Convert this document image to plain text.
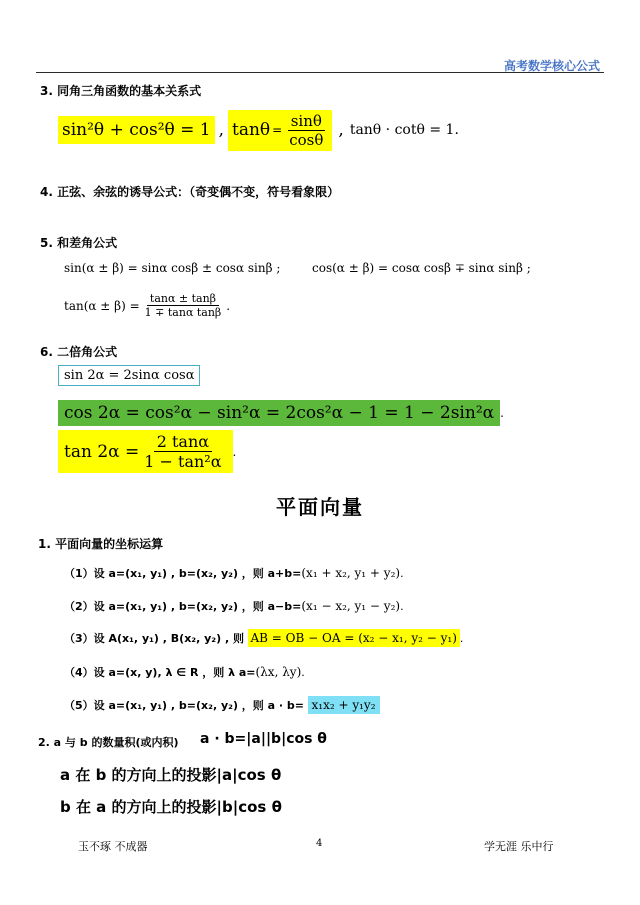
高考数学核心公式
3. 同角三角函数的基本关系式
sin²θ + cos²θ = 1 , $\tan\theta = \frac{\sin\theta}{\cos\theta}$ , tanθ · cotθ = 1.
4. 正弦、余弦的诱导公式：（奇变偶不变，符号看象限）
5. 和差角公式
sin(α ± β) = sinα cosβ ± cosα sinβ ;	cos(α ± β) = cosα cosβ ∓ sinα sinβ ;
$\tan(\alpha \pm \beta) = \frac{\tan\alpha \pm \tan\beta}{\text{1 ∓ tanα tanβ}}$ .
6. 二倍角公式
sin 2α = 2sinα cosα
cos 2α = cos²α − sin²α = 2cos²α − 1 = 1 − 2sin²α .
$\tan 2\alpha = \frac{2 \tan\alpha}{\text{1 − tan²α}}$ .
平面向量
1. 平面向量的坐标运算
（1）设 a=(x₁, y₁) , b=(x₂, y₂) ，则 a+b=(x₁ + x₂, y₁ + y₂).
（2）设 a=(x₁, y₁) , b=(x₂, y₂) ，则 a−b=(x₁ − x₂, y₁ − y₂).
（3）设 A(x₁, y₁) , B(x₂, y₂) , 则 AB = OB − OA = (x₂ − x₁, y₂ − y₁) .
（4）设 a=(x, y), λ ∈ R ，则 λ a=(λx, λy).
（5）设 a=(x₁, y₁) , b=(x₂, y₂) ，则 a · b= x₁x₂ + y₁y₂
2. a 与 b 的数量积(或内积) a · b=|a||b|cos θ
a 在 b 的方向上的投影|a|cos θ
b 在 a 的方向上的投影|b|cos θ
玉不琢 不成器	4	学无涯 乐中行
